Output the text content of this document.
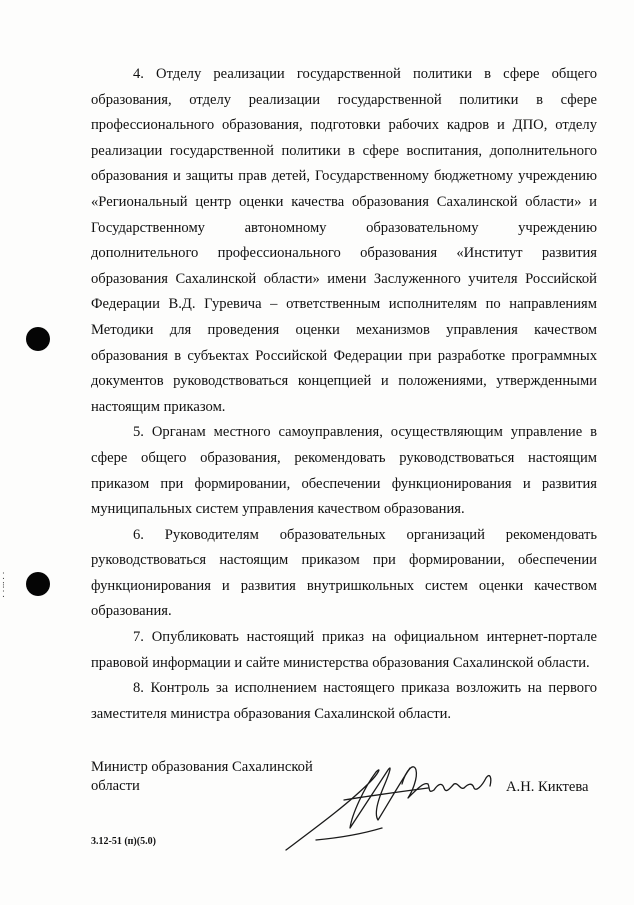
⁚
⁝
⁚

4. Отделу реализации государственной политики в сфере общего образования, отделу реализации государственной политики в сфере профессионального образования, подготовки рабочих кадров и ДПО, отделу реализации государственной политики в сфере воспитания, дополнительного образования и защиты прав детей, Государственному бюджетному учреждению «Региональный центр оценки качества образования Сахалинской области» и Государственному автономному образовательному учреждению дополнительного профессионального образования «Институт развития образования Сахалинской области» имени Заслуженного учителя Российской Федерации В.Д. Гуревича – ответственным исполнителям по направлениям Методики для проведения оценки механизмов управления качеством образования в субъектах Российской Федерации при разработке программных документов руководствоваться концепцией и положениями, утвержденными настоящим приказом.

5. Органам местного самоуправления, осуществляющим управление в сфере общего образования, рекомендовать руководствоваться настоящим приказом при формировании, обеспечении функционирования и развития муниципальных систем управления качеством образования.

6. Руководителям образовательных организаций рекомендовать руководствоваться настоящим приказом при формировании, обеспечении функционирования и развития внутришкольных систем оценки качеством образования.

7. Опубликовать настоящий приказ на официальном интернет-портале правовой информации и сайте министерства образования Сахалинской области.

8. Контроль за исполнением настоящего приказа возложить на первого заместителя министра образования Сахалинской области.

Министр образования Сахалинской области	А.Н. Киктева
3.12-51 (п)(5.0)
